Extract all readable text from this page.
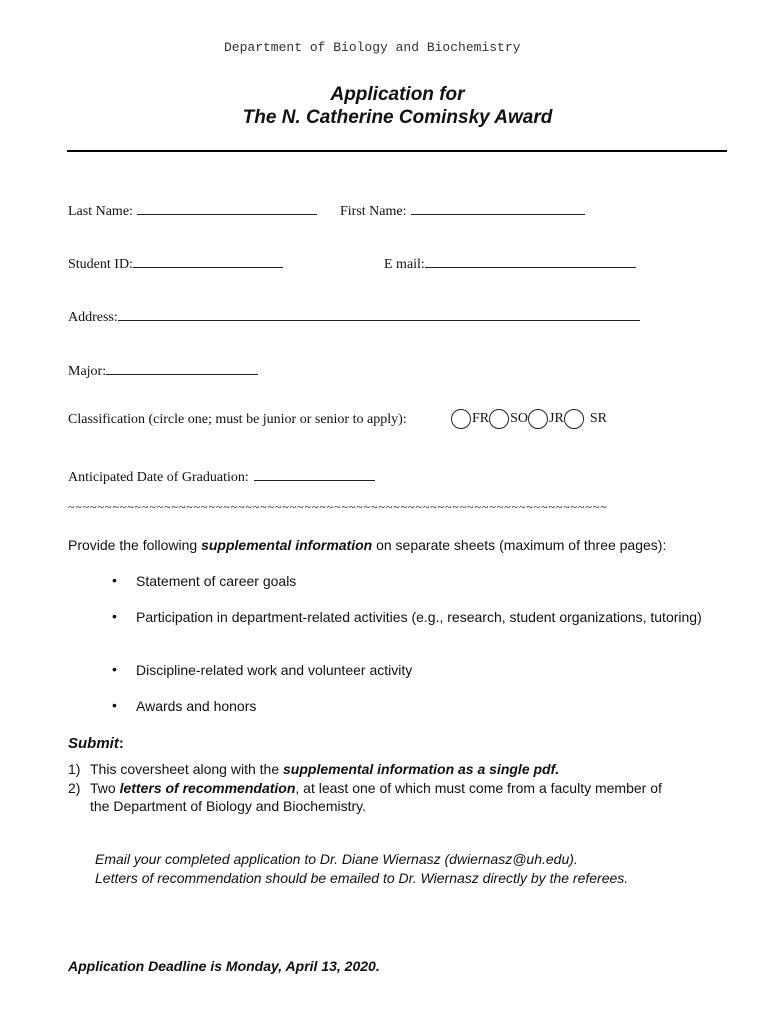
Department of Biology and Biochemistry
Application for
The N. Catherine Cominsky Award
Last Name:	First Name:
Student ID:	E mail:
Address:
Major:
Classification (circle one; must be junior or senior to apply):	FR SO JR SR
Anticipated Date of Graduation:
~~~~~~~~~~~~~~~~~~~~~~~~~~~~~~~~~~~~~~~~~~~~~~~~~~~~~~~~~~~~~~~~~~~~~~~~~
Provide the following supplemental information on separate sheets (maximum of three pages):
• Statement of career goals
• Participation in department-related activities (e.g., research, student organizations, tutoring)
• Discipline-related work and volunteer activity
• Awards and honors
Submit:
1) This coversheet along with the supplemental information as a single pdf.
2) Two letters of recommendation, at least one of which must come from a faculty member of
the Department of Biology and Biochemistry.
Email your completed application to Dr. Diane Wiernasz (dwiernasz@uh.edu).
Letters of recommendation should be emailed to Dr. Wiernasz directly by the referees.
Application Deadline is Monday, April 13, 2020.
